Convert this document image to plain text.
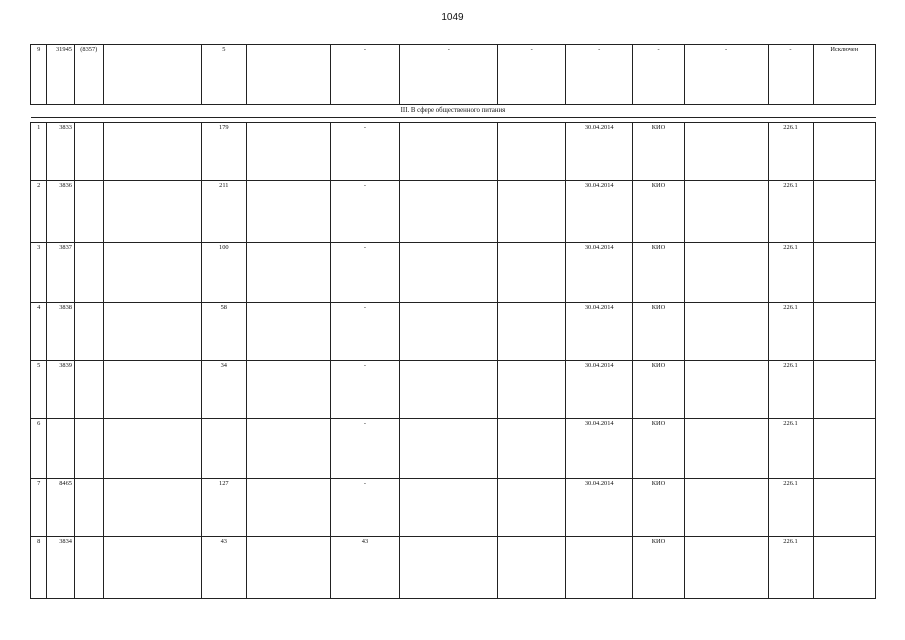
1049
9	31945	(8357)		5		-	-	-	-	-	-	-	Исключен
III. В сфере общественного питания													

1	3833			179		-			30.04.2014	КИО		226.1	
2	3836			211		-			30.04.2014	КИО		226.1	
3	3837			100		-			30.04.2014	КИО		226.1	
4	3838			58		-			30.04.2014	КИО		226.1	
5	3839			34		-			30.04.2014	КИО		226.1	
6						-			30.04.2014	КИО		226.1	
7	8465			127		-			30.04.2014	КИО		226.1	
8	3834			43		43				КИО		226.1	
